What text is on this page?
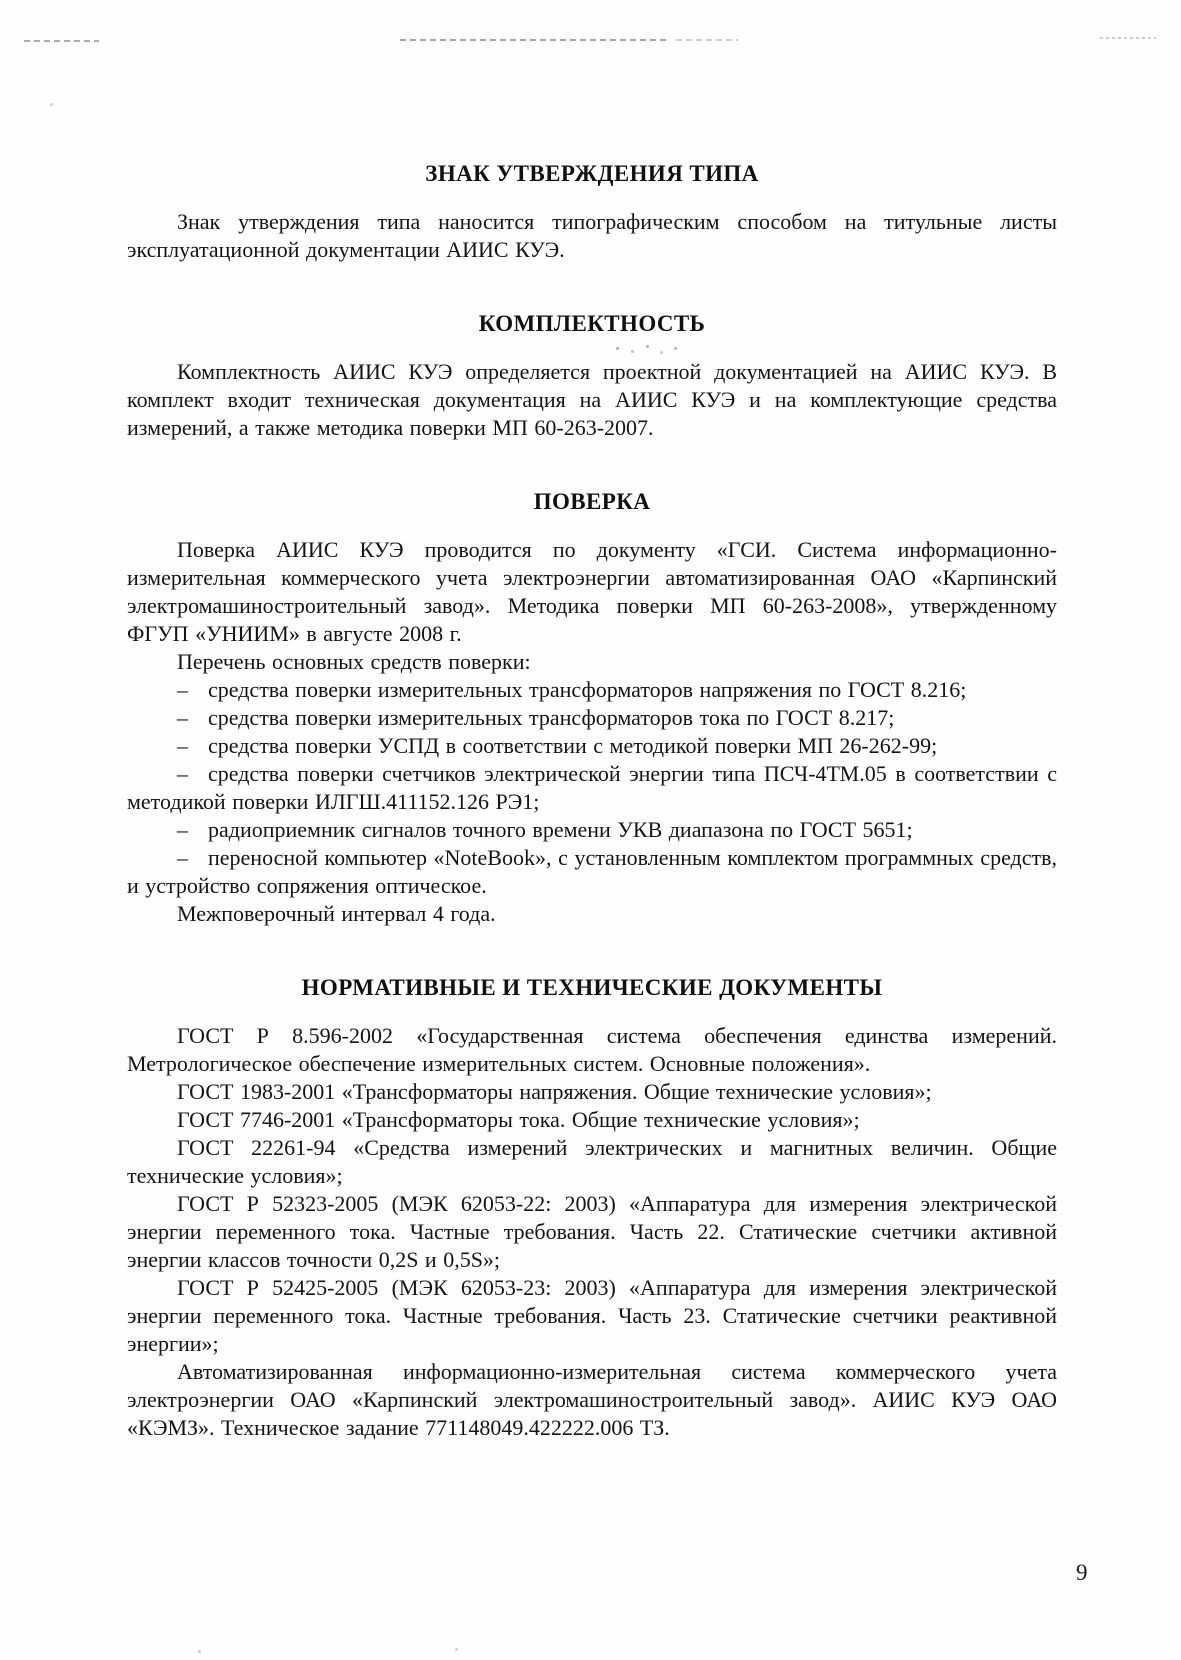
ЗНАК УТВЕРЖДЕНИЯ ТИПА

Знак утверждения типа наносится типографическим способом на титульные листы эксплуатационной документации АИИС КУЭ.

КОМПЛЕКТНОСТЬ

Комплектность АИИС КУЭ определяется проектной документацией на АИИС КУЭ. В комплект входит техническая документация на АИИС КУЭ и на комплектующие средства измерений, а также методика поверки МП 60-263-2007.

ПОВЕРКА

Поверка АИИС КУЭ проводится по документу «ГСИ. Система информационно-измерительная коммерческого учета электроэнергии автоматизированная ОАО «Карпинский электромашиностроительный завод». Методика поверки МП 60-263-2008», утвержденному ФГУП «УНИИМ» в августе 2008 г.

Перечень основных средств поверки:

– средства поверки измерительных трансформаторов напряжения по ГОСТ 8.216;

– средства поверки измерительных трансформаторов тока по ГОСТ 8.217;

– средства поверки УСПД в соответствии с методикой поверки МП 26-262-99;

– средства поверки счетчиков электрической энергии типа ПСЧ-4ТМ.05 в соответствии с методикой поверки ИЛГШ.411152.126 РЭ1;

– радиоприемник сигналов точного времени УКВ диапазона по ГОСТ 5651;

– переносной компьютер «NoteBook», с установленным комплектом программных средств, и устройство сопряжения оптическое.

Межповерочный интервал 4 года.

НОРМАТИВНЫЕ И ТЕХНИЧЕСКИЕ ДОКУМЕНТЫ

ГОСТ Р 8.596-2002 «Государственная система обеспечения единства измерений. Метрологическое обеспечение измерительных систем. Основные положения».

ГОСТ 1983-2001 «Трансформаторы напряжения. Общие технические условия»;

ГОСТ 7746-2001 «Трансформаторы тока. Общие технические условия»;

ГОСТ 22261-94 «Средства измерений электрических и магнитных величин. Общие технические условия»;

ГОСТ Р 52323-2005 (МЭК 62053-22: 2003) «Аппаратура для измерения электрической энергии переменного тока. Частные требования. Часть 22. Статические счетчики активной энергии классов точности 0,2S и 0,5S»;

ГОСТ Р 52425-2005 (МЭК 62053-23: 2003) «Аппаратура для измерения электрической энергии переменного тока. Частные требования. Часть 23. Статические счетчики реактивной энергии»;

Автоматизированная информационно-измерительная система коммерческого учета электроэнергии ОАО «Карпинский электромашиностроительный завод». АИИС КУЭ ОАО «КЭМЗ». Техническое задание 771148049.422222.006 ТЗ.

9
